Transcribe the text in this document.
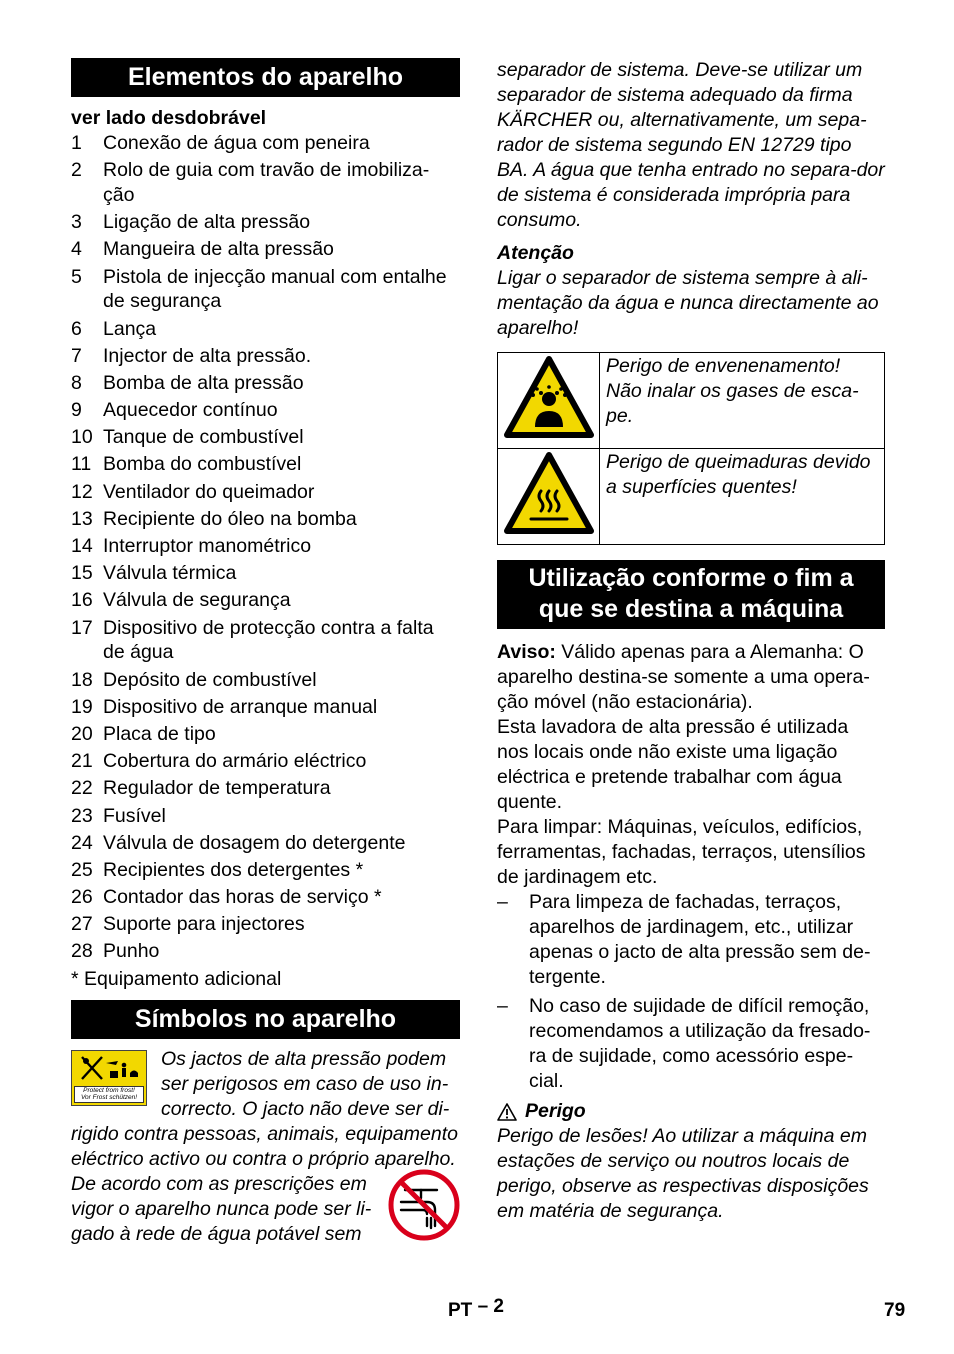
Elementos do aparelho
ver lado desdobrável
1	Conexão de água com peneira
2	Rolo de guia com travão de imobiliza-ção
3	Ligação de alta pressão
4	Mangueira de alta pressão
5	Pistola de injecção manual com entalhe de segurança
6	Lança
7	Injector de alta pressão.
8	Bomba de alta pressão
9	Aquecedor contínuo
10 Tanque de combustível
11 Bomba do combustível
12 Ventilador do queimador
13 Recipiente do óleo na bomba
14 Interruptor manométrico
15 Válvula térmica
16 Válvula de segurança
17 Dispositivo de protecção contra a falta de água
18 Depósito de combustível
19 Dispositivo de arranque manual
20 Placa de tipo
21 Cobertura do armário eléctrico
22 Regulador de temperatura
23 Fusível
24 Válvula de dosagem do detergente
25 Recipientes dos detergentes *
26 Contador das horas de serviço *
27 Suporte para injectores
28 Punho
* Equipamento adicional
Símbolos no aparelho
Protect from frost!
Vor Frost schützen!
Os jactos de alta pressão podem ser perigosos em caso de uso in-correcto. O jacto não deve ser di-rigido contra pessoas, animais, equipamento eléctrico activo ou contra o próprio aparelho.
De acordo com as prescrições em vigor o aparelho nunca pode ser li-gado à rede de água potável sem
separador de sistema. Deve-se utilizar um separador de sistema adequado da firma KÄRCHER ou, alternativamente, um sepa-rador de sistema segundo EN 12729 tipo BA. A água que tenha entrado no separa-dor de sistema é considerada imprópria para consumo.
Atenção
Ligar o separador de sistema sempre à ali-mentação da água e nunca directamente ao aparelho!
	Perigo de envenenamento! Não inalar os gases de esca-pe.
	Perigo de queimaduras devido a superfícies quentes!
Utilização conforme o fim a que se destina a máquina
Aviso: Válido apenas para a Alemanha: O aparelho destina-se somente a uma opera-ção móvel (não estacionária).
Esta lavadora de alta pressão é utilizada nos locais onde não existe uma ligação eléctrica e pretende trabalhar com água quente.
Para limpar: Máquinas, veículos, edifícios, ferramentas, fachadas, terraços, utensílios de jardinagem etc.
–	Para limpeza de fachadas, terraços, aparelhos de jardinagem, etc., utilizar apenas o jacto de alta pressão sem de-tergente.
–	No caso de sujidade de difícil remoção, recomendamos a utilização da fresado-ra de sujidade, como acessório espe-cial.
Perigo
Perigo de lesões! Ao utilizar a máquina em estações de serviço ou noutros locais de perigo, observe as respectivas disposições em matéria de segurança.
PT – 2	79
